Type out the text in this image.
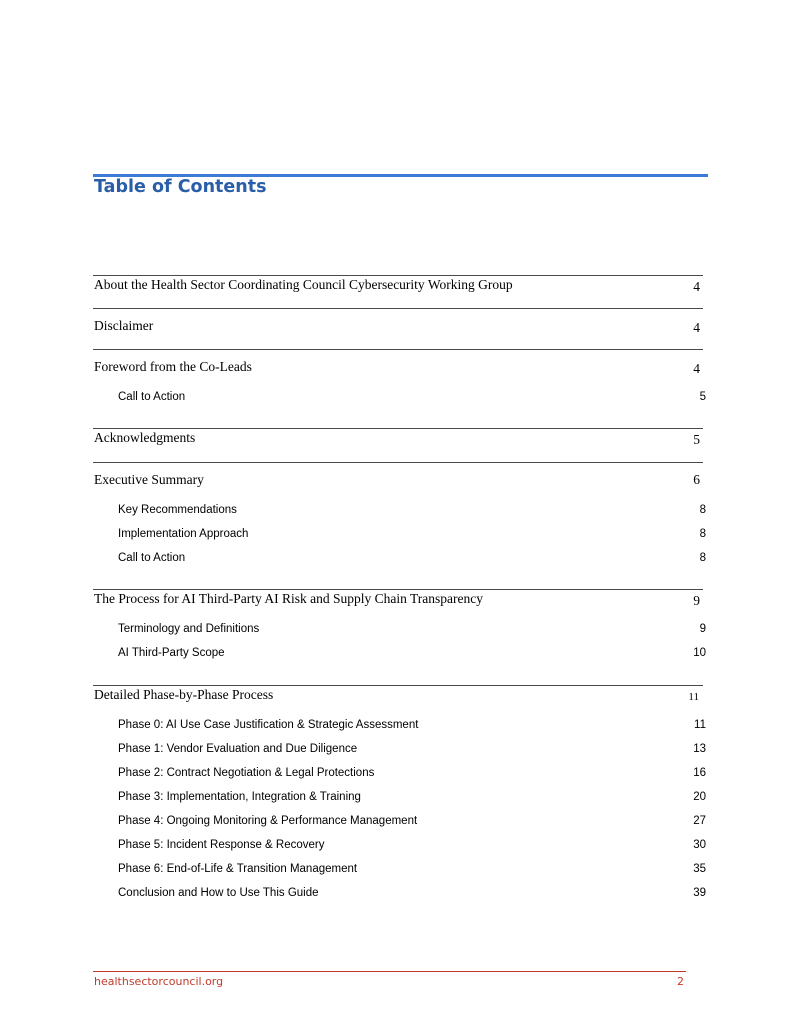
Table of Contents
About the Health Sector Coordinating Council Cybersecurity Working Group	4
Disclaimer	4
Foreword from the Co-Leads	4
Call to Action	5
Acknowledgments	5
Executive Summary	6
Key Recommendations	8
Implementation Approach	8
Call to Action	8
The Process for AI Third-Party AI Risk and Supply Chain Transparency	9
Terminology and Definitions	9
AI Third-Party Scope	10
Detailed Phase-by-Phase Process	11
Phase 0: AI Use Case Justification & Strategic Assessment	11
Phase 1: Vendor Evaluation and Due Diligence	13
Phase 2: Contract Negotiation & Legal Protections	16
Phase 3: Implementation, Integration & Training	20
Phase 4: Ongoing Monitoring & Performance Management	27
Phase 5: Incident Response & Recovery	30
Phase 6: End-of-Life & Transition Management	35
Conclusion and How to Use This Guide	39
healthsectorcouncil.org	2
